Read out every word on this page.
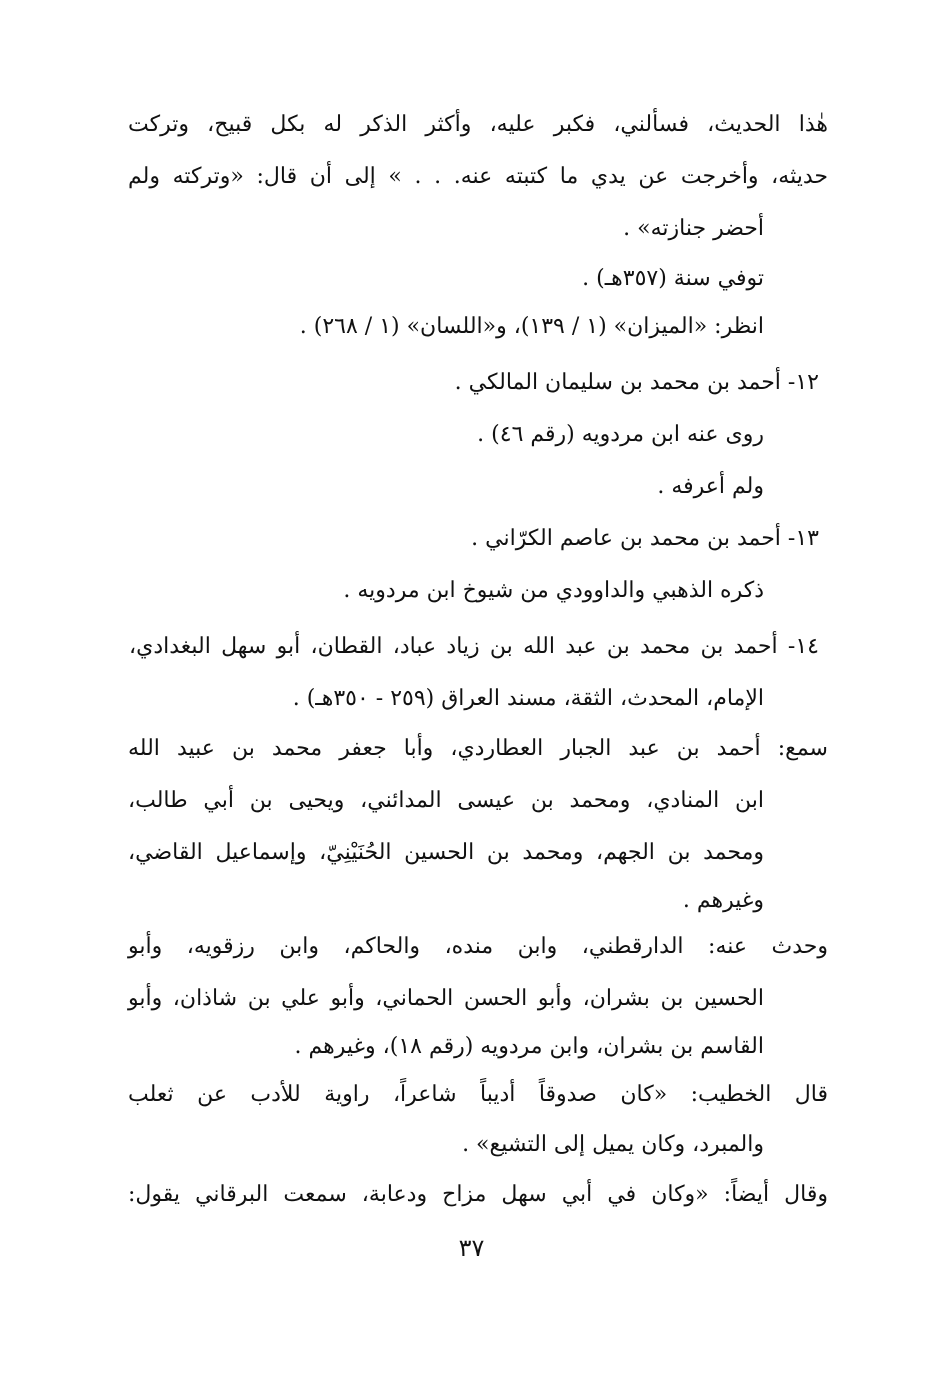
هٰذا الحديث، فسألني، فكبر عليه، وأكثر الذكر له بكل قبيح، وتركت
حديثه، وأخرجت عن يدي ما كتبته عنه. . . » إلى أن قال: «وتركته ولم
أحضر جنازته» .
توفي سنة (٣٥٧هـ) .
انظر: «الميزان» (١ / ١٣٩)، و«اللسان» (١ / ٢٦٨) .
١٢- أحمد بن محمد بن سليمان المالكي .
روى عنه ابن مردويه (رقم ٤٦) .
ولم أعرفه .
١٣- أحمد بن محمد بن عاصم الكرّاني .
ذكره الذهبي والداوودي من شيوخ ابن مردويه .
١٤- أحمد بن محمد بن عبد الله بن زياد عباد، القطان، أبو سهل البغدادي،
الإمام، المحدث، الثقة، مسند العراق (٢٥٩ - ٣٥٠هـ) .
سمع: أحمد بن عبد الجبار العطاردي، وأبا جعفر محمد بن عبيد الله
ابن المنادي، ومحمد بن عيسى المدائني، ويحيى بن أبي طالب،
ومحمد بن الجهم، ومحمد بن الحسين الحُنَيْنِيّ، وإسماعيل القاضي،
وغيرهم .
وحدث عنه: الدارقطني، وابن منده، والحاكم، وابن رزقويه، وأبو
الحسين بن بشران، وأبو الحسن الحماني، وأبو علي بن شاذان، وأبو
القاسم بن بشران، وابن مردويه (رقم ١٨)، وغيرهم .
قال الخطيب: «كان صدوقاً أديباً شاعراً، راوية للأدب عن ثعلب
والمبرد، وكان يميل إلى التشيع» .
وقال أيضاً: «وكان في أبي سهل مزاح ودعابة، سمعت البرقاني يقول:
٣٧
